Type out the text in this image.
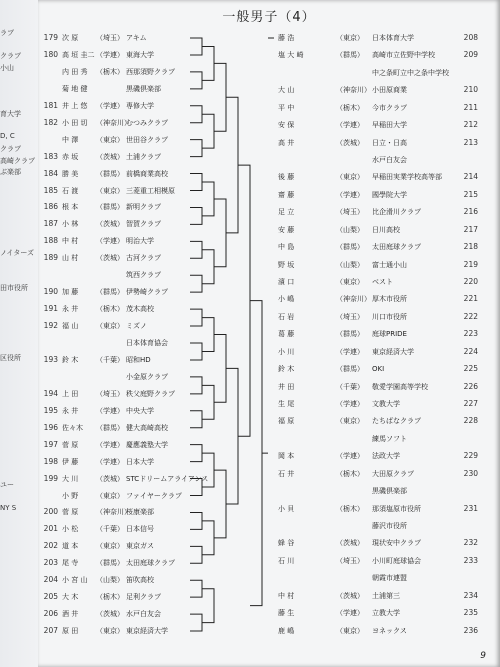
ラブ
クラブ
小山
育大学
D, C
クラブ
高崎クラブ
ぶ楽部
ノイターズ
田市役所
区役所
ユー
NY S
一般男子（4）
179 次 原	（埼玉） アキム
180 高 垣 圭二 （学連） 東海大学
内 田 秀	（栃木） 西那須野クラブ
菊 地 健	黒磯倶楽部
181 井 上 悠	（学連） 専修大学
182 小 田 切	（神奈川）
むつみクラブ
中 澤	（東京） 世田谷クラブ
183 赤 坂	（茨城） 土浦クラブ
184 勝 美	（群馬） 前橋商業高校
185 石 渡	（東京） 三菱重工相模原
186 根 本	（群馬） 新明クラブ
187 小 林	（茨城） 智賀クラブ
188 中 村	（学連） 明治大学
189 山 村	（茨城） 古河クラブ
筑西クラブ
190 加 藤	（群馬） 伊勢崎クラブ
191 永 井	（栃木） 茂木高校
192 福 山	（東京） ミズノ
日本体育協会
193 鈴 木	（千葉） 昭和HD
小金原クラブ
194 上 田	（埼玉） 秩父庭野クラブ
195 永 井	（学連） 中央大学
196 佐々木	（群馬） 健大高崎高校
197 菅 原	（学連） 慶應義塾大学
198 伊 藤	（学連） 日本大学
199 大 川	（茨城） STCドリームアライアンス
小 野	（東京） ファイヤークラブ
200 菅 原	（神奈川）
桜康楽部
201 小 松	（千葉） 日本信号
202 道 本	（東京） 東京ガス
203 尾 寺	（群馬） 太田庭球クラブ
204 小 宮 山	（山梨） 笛吹高校
205 大 木	（栃木） 足利クラブ
206 酒 井	（茨城） 水戸白友会
207 原 田	（東京） 東京経済大学
藤 浩	（東京）	日本体育大学	208
塩 大 崎	（群馬）	高崎市立佐野中学校	209
中之条町立中之条中学校
大 山	（神奈川） 小田原商業	210
平 中	（栃木）	今市クラブ	211
安 保	（学連）	早稲田大学	212
高 井	（茨城）	日立・日高	213
水戸白友会
後 藤	（東京）	早稲田実業学校高等部	214
齋 藤	（学連）	國學院大学	215
足 立	（埼玉）	比企滑川クラブ	216
安 藤	（山梨）	日川高校	217
中 島	（群馬）	太田庭球クラブ	218
野 坂	（山梨）	富士通小山	219
濱 口	（東京）	ベスト	220
小 嶋	（神奈川） 厚木市役所	221
石 岩	（埼玉）	川口市役所	222
葛 藤	（群馬）	庭球PRIDE	223
小 川	（学連）	東京経済大学	224
鈴 木	（群馬）	OKI	225
井 田	（千葉）	敬愛学園高等学校	226
生 尾	（学連）	文教大学	227
福 原	（東京）	たちばなクラブ	228
練馬ソフト
岡 本	（学連）	法政大学	229
石 井	（栃木）	大田原クラブ	230
黒磯倶楽部
小 貝	（栃木）	那須塩原市役所	231
藤沢市役所
蜂 谷	（茨城）	現状安中クラブ	232
石 川	（埼玉）	小川町庭球協会	233
朝霞市連盟
中 村	（茨城）	土浦第三	234
藤 生	（学連）	立教大学	235
鹿 嶋	（東京）	ヨネックス	236
9
